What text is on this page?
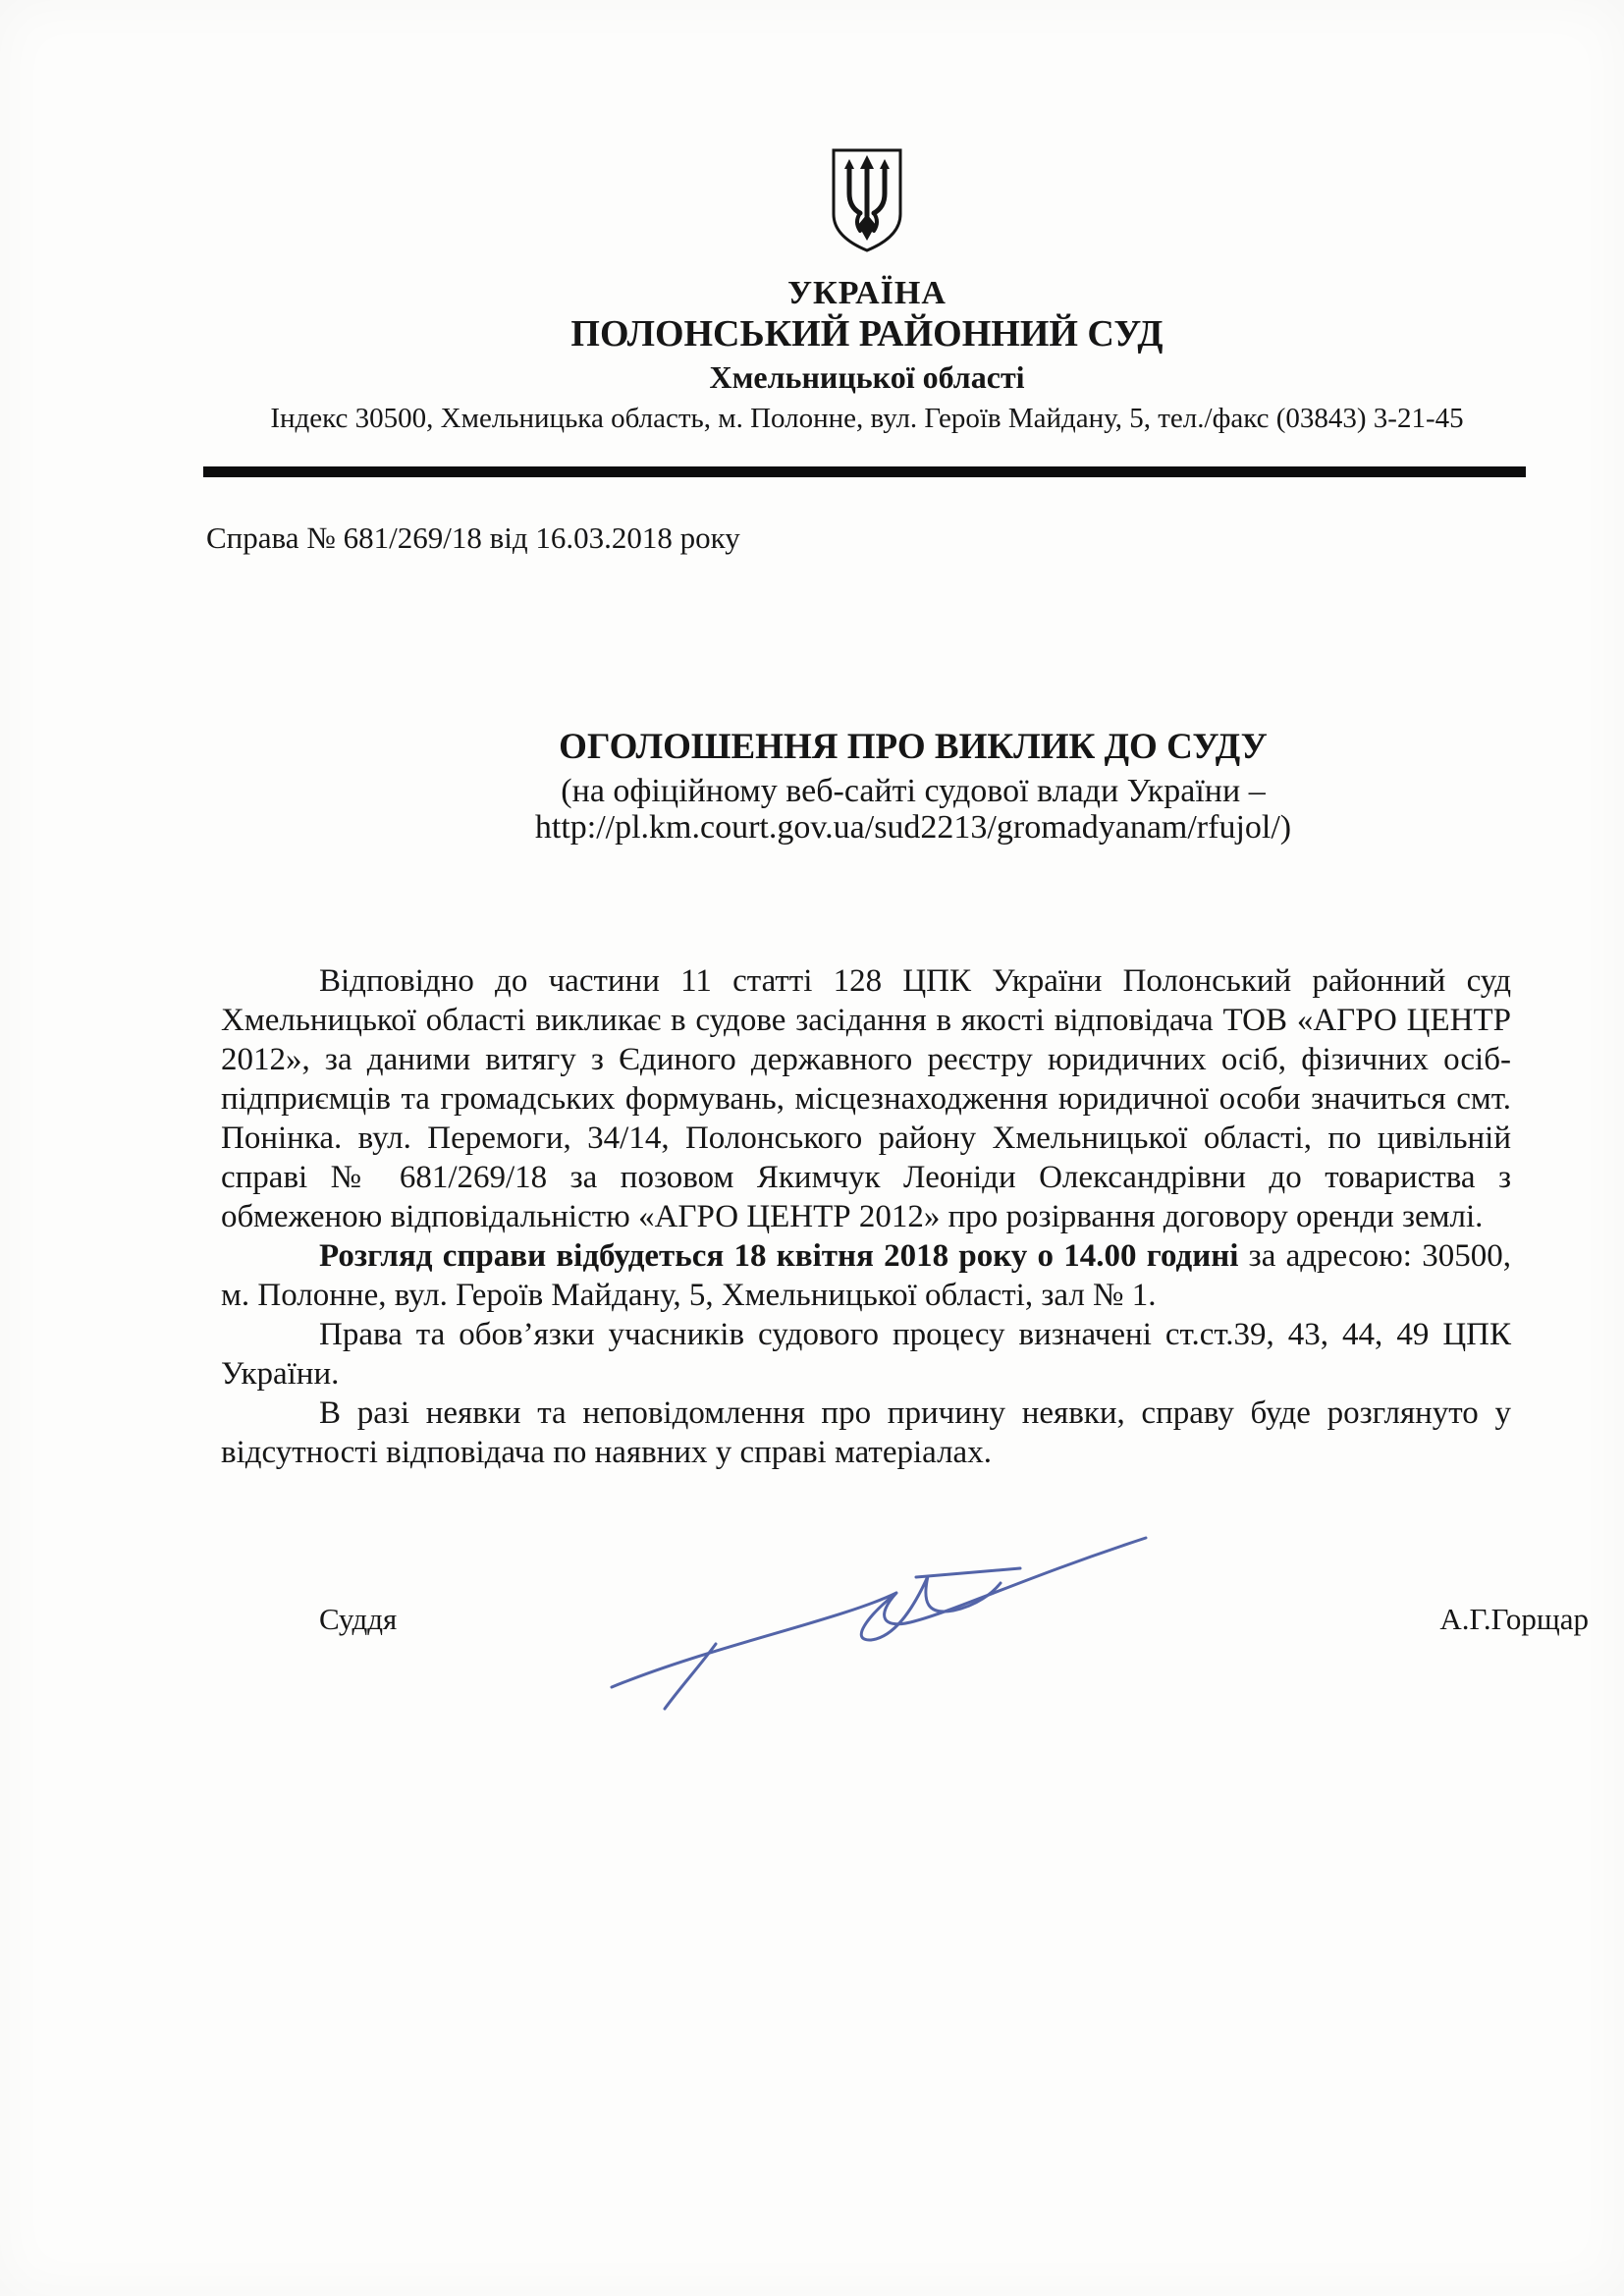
УКРАЇНА
ПОЛОНСЬКИЙ РАЙОННИЙ СУД
Хмельницької області
Індекс 30500, Хмельницька область, м. Полонне, вул. Героїв Майдану, 5, тел./факс (03843) 3-21-45
Справа № 681/269/18 від 16.03.2018 року
ОГОЛОШЕННЯ ПРО ВИКЛИК ДО СУДУ
(на офіційному веб-сайті судової влади України –
http://pl.km.court.gov.ua/sud2213/gromadyanam/rfujol/)

Відповідно до частини 11 статті 128 ЦПК України Полонський районний суд Хмельницької області викликає в судове засідання в якості відповідача ТОВ «АГРО ЦЕНТР 2012», за даними витягу з Єдиного державного реєстру юридичних осіб, фізичних осіб-підприємців та громадських формувань, місцезнаходження юридичної особи значиться смт. Понінка. вул. Перемоги, 34/14, Полонського району Хмельницької області, по цивільній справі № 681/269/18 за позовом Якимчук Леоніди Олександрівни до товариства з обмеженою відповідальністю «АГРО ЦЕНТР 2012» про розірвання договору оренди землі.

Розгляд справи відбудеться 18 квітня 2018 року о 14.00 годині за адресою: 30500, м. Полонне, вул. Героїв Майдану, 5, Хмельницької області, зал № 1.

Права та обов’язки учасників судового процесу визначені ст.ст.39, 43, 44, 49 ЦПК України.

В разі неявки та неповідомлення про причину неявки, справу буде розглянуто у відсутності відповідача по наявних у справі матеріалах.

Суддя	А.Г.Горщар
